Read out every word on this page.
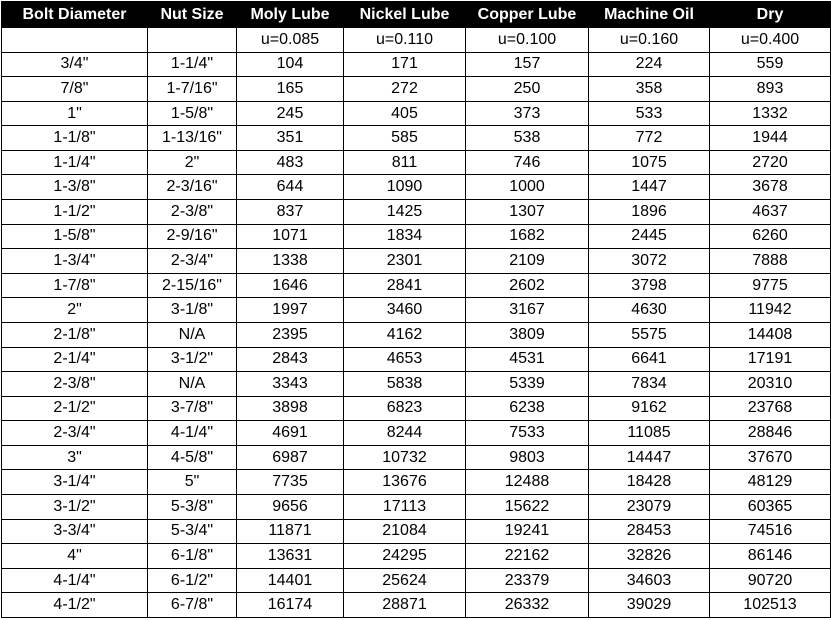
Bolt Diameter	Nut Size	Moly Lube	Nickel Lube	Copper Lube	Machine Oil	Dry
		u=0.085	u=0.110	u=0.100	u=0.160	u=0.400
3/4"	1-1/4"	104	171	157	224	559
7/8"	1-7/16"	165	272	250	358	893
1"	1-5/8"	245	405	373	533	1332
1-1/8"	1-13/16"	351	585	538	772	1944
1-1/4"	2"	483	811	746	1075	2720
1-3/8"	2-3/16"	644	1090	1000	1447	3678
1-1/2"	2-3/8"	837	1425	1307	1896	4637
1-5/8"	2-9/16"	1071	1834	1682	2445	6260
1-3/4"	2-3/4"	1338	2301	2109	3072	7888
1-7/8"	2-15/16"	1646	2841	2602	3798	9775
2"	3-1/8"	1997	3460	3167	4630	11942
2-1/8"	N/A	2395	4162	3809	5575	14408
2-1/4"	3-1/2"	2843	4653	4531	6641	17191
2-3/8"	N/A	3343	5838	5339	7834	20310
2-1/2"	3-7/8"	3898	6823	6238	9162	23768
2-3/4"	4-1/4"	4691	8244	7533	11085	28846
3"	4-5/8"	6987	10732	9803	14447	37670
3-1/4"	5"	7735	13676	12488	18428	48129
3-1/2"	5-3/8"	9656	17113	15622	23079	60365
3-3/4"	5-3/4"	11871	21084	19241	28453	74516
4"	6-1/8"	13631	24295	22162	32826	86146
4-1/4"	6-1/2"	14401	25624	23379	34603	90720
4-1/2"	6-7/8"	16174	28871	26332	39029	102513
